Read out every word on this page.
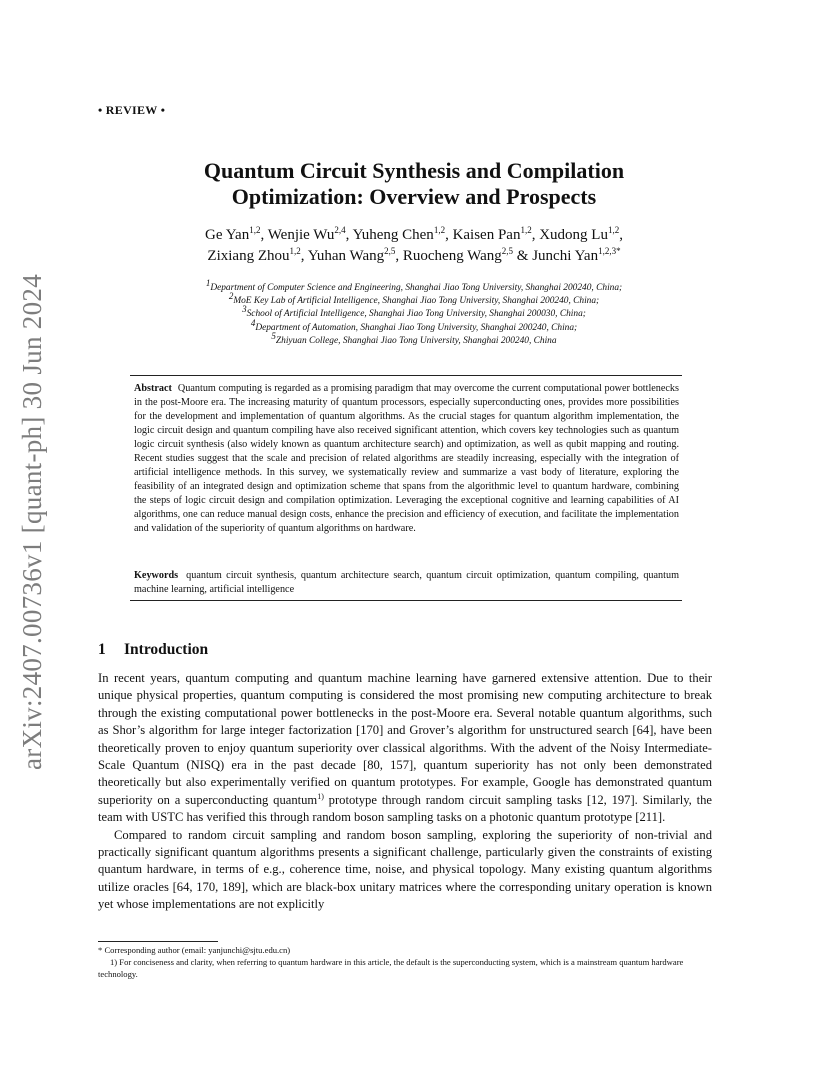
arXiv:2407.00736v1 [quant-ph] 30 Jun 2024
• REVIEW •
Quantum Circuit Synthesis and Compilation
Optimization: Overview and Prospects
Ge Yan$^{1,2}$, Wenjie Wu$^{2,4}$, Yuheng Chen$^{1,2}$, Kaisen Pan$^{1,2}$, Xudong Lu$^{1,2}$,
Zixiang Zhou$^{1,2}$, Yuhan Wang$^{2,5}$, Ruocheng Wang$^{2,5}$ & Junchi Yan$^{1,2,3*}$
$^1$Department of Computer Science and Engineering, Shanghai Jiao Tong University, Shanghai 200240, China;
$^2$MoE Key Lab of Artificial Intelligence, Shanghai Jiao Tong University, Shanghai 200240, China;
$^3$School of Artificial Intelligence, Shanghai Jiao Tong University, Shanghai 200030, China;
$^4$Department of Automation, Shanghai Jiao Tong University, Shanghai 200240, China;
$^5$Zhiyuan College, Shanghai Jiao Tong University, Shanghai 200240, China
Abstract Quantum computing is regarded as a promising paradigm that may overcome the current computational power bottlenecks in the post-Moore era. The increasing maturity of quantum processors, especially superconducting ones, provides more possibilities for the development and implementation of quantum algorithms. As the crucial stages for quantum algorithm implementation, the logic circuit design and quantum compiling have also received significant attention, which covers key technologies such as quantum logic circuit synthesis (also widely known as quantum architecture search) and optimization, as well as qubit mapping and routing. Recent studies suggest that the scale and precision of related algorithms are steadily increasing, especially with the integration of artificial intelligence methods. In this survey, we systematically review and summarize a vast body of literature, exploring the feasibility of an integrated design and optimization scheme that spans from the algorithmic level to quantum hardware, combining the steps of logic circuit design and compilation optimization. Leveraging the exceptional cognitive and learning capabilities of AI algorithms, one can reduce manual design costs, enhance the precision and efficiency of execution, and facilitate the implementation and validation of the superiority of quantum algorithms on hardware.
Keywords quantum circuit synthesis, quantum architecture search, quantum circuit optimization, quantum compiling, quantum machine learning, artificial intelligence
1 Introduction

In recent years, quantum computing and quantum machine learning have garnered extensive attention. Due to their unique physical properties, quantum computing is considered the most promising new computing architecture to break through the existing computational power bottlenecks in the post-Moore era. Several notable quantum algorithms, such as Shor’s algorithm for large integer factorization [170] and Grover’s algorithm for unstructured search [64], have been theoretically proven to enjoy quantum superiority over classical algorithms. With the advent of the Noisy Intermediate-Scale Quantum (NISQ) era in the past decade [80, 157], quantum superiority has not only been demonstrated theoretically but also experimentally verified on quantum prototypes. For example, Google has demonstrated quantum superiority on a superconducting quantum$^{1)}$ prototype through random circuit sampling tasks [12, 197]. Similarly, the team with USTC has verified this through random boson sampling tasks on a photonic quantum prototype [211].

Compared to random circuit sampling and random boson sampling, exploring the superiority of non-trivial and practically significant quantum algorithms presents a significant challenge, particularly given the constraints of existing quantum hardware, in terms of e.g., coherence time, noise, and physical topology. Many existing quantum algorithms utilize oracles [64, 170, 189], which are black-box unitary matrices where the corresponding unitary operation is known yet whose implementations are not explicitly

* Corresponding author (email: yanjunchi@sjtu.edu.cn)
1) For conciseness and clarity, when referring to quantum hardware in this article, the default is the superconducting system, which is a mainstream quantum hardware technology.
